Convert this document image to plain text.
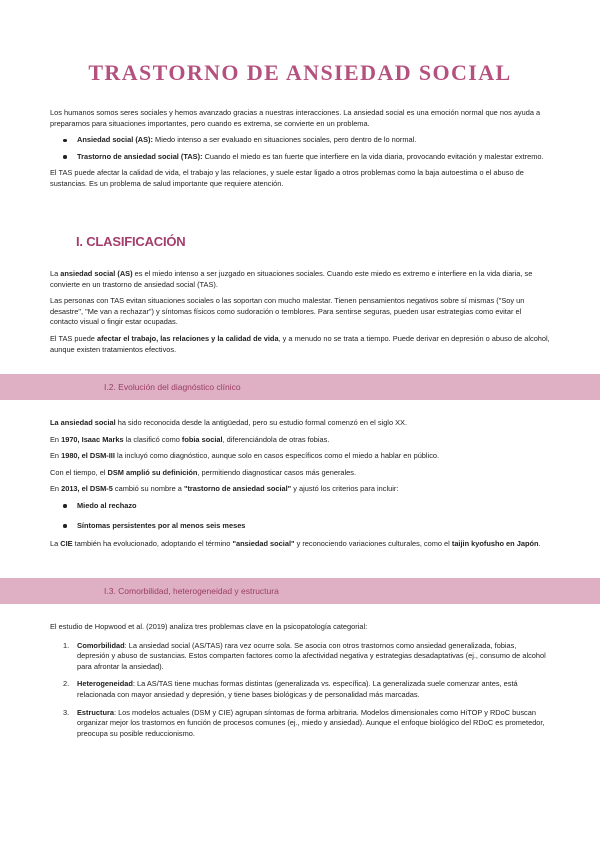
TRASTORNO DE ANSIEDAD SOCIAL

Los humanos somos seres sociales y hemos avanzado gracias a nuestras interacciones. La ansiedad social es una emoción normal que nos ayuda a prepararnos para situaciones importantes, pero cuando es extrema, se convierte en un problema.

Ansiedad social (AS): Miedo intenso a ser evaluado en situaciones sociales, pero dentro de lo normal.
Trastorno de ansiedad social (TAS): Cuando el miedo es tan fuerte que interfiere en la vida diaria, provocando evitación y malestar extremo.

El TAS puede afectar la calidad de vida, el trabajo y las relaciones, y suele estar ligado a otros problemas como la baja autoestima o el abuso de sustancias. Es un problema de salud importante que requiere atención.

I. CLASIFICACIÓN

La ansiedad social (AS) es el miedo intenso a ser juzgado en situaciones sociales. Cuando este miedo es extremo e interfiere en la vida diaria, se convierte en un trastorno de ansiedad social (TAS).

Las personas con TAS evitan situaciones sociales o las soportan con mucho malestar. Tienen pensamientos negativos sobre sí mismas ("Soy un desastre", "Me van a rechazar") y síntomas físicos como sudoración o temblores. Para sentirse seguras, pueden usar estrategias como evitar el contacto visual o fingir estar ocupadas.

El TAS puede afectar el trabajo, las relaciones y la calidad de vida, y a menudo no se trata a tiempo. Puede derivar en depresión o abuso de alcohol, aunque existen tratamientos efectivos.

I.2. Evolución del diagnóstico clínico

La ansiedad social ha sido reconocida desde la antigüedad, pero su estudio formal comenzó en el siglo XX.

En 1970, Isaac Marks la clasificó como fobia social, diferenciándola de otras fobias.

En 1980, el DSM-III la incluyó como diagnóstico, aunque solo en casos específicos como el miedo a hablar en público.

Con el tiempo, el DSM amplió su definición, permitiendo diagnosticar casos más generales.

En 2013, el DSM-5 cambió su nombre a "trastorno de ansiedad social" y ajustó los criterios para incluir:

Miedo al rechazo
Síntomas persistentes por al menos seis meses

La CIE también ha evolucionado, adoptando el término "ansiedad social" y reconociendo variaciones culturales, como el taijin kyofusho en Japón.

I.3. Comorbilidad, heterogeneidad y estructura

El estudio de Hopwood et al. (2019) analiza tres problemas clave en la psicopatología categorial:

1. Comorbilidad: La ansiedad social (AS/TAS) rara vez ocurre sola. Se asocia con otros trastornos como ansiedad generalizada, fobias, depresión y abuso de sustancias. Estos comparten factores como la afectividad negativa y estrategias desadaptativas (ej., consumo de alcohol para afrontar la ansiedad).
2. Heterogeneidad: La AS/TAS tiene muchas formas distintas (generalizada vs. específica). La generalizada suele comenzar antes, está relacionada con mayor ansiedad y depresión, y tiene bases biológicas y de personalidad más marcadas.
3. Estructura: Los modelos actuales (DSM y CIE) agrupan síntomas de forma arbitraria. Modelos dimensionales como HiTOP y RDoC buscan organizar mejor los trastornos en función de procesos comunes (ej., miedo y ansiedad). Aunque el enfoque biológico del RDoC es prometedor, preocupa su posible reduccionismo.
